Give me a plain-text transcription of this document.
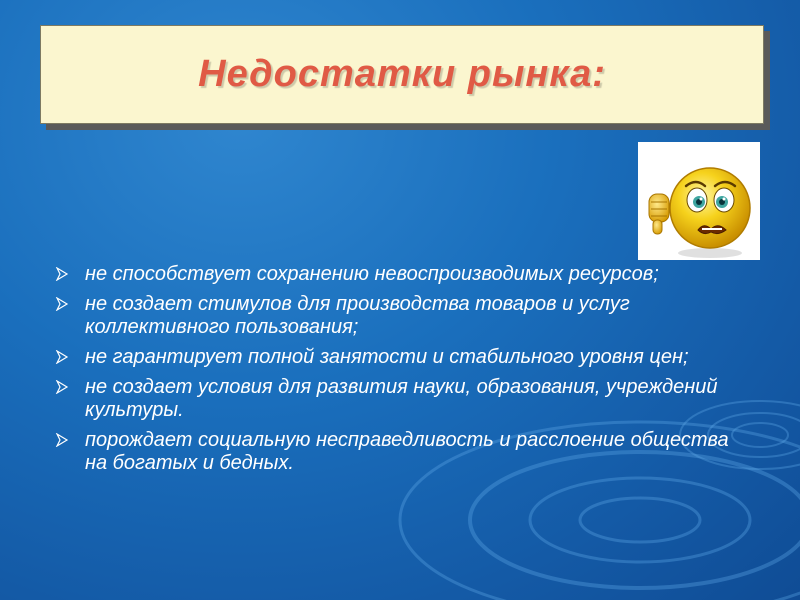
Недостатки рынка:
не способствует сохранению невоспроизводимых ресурсов;
не создает стимулов для производства товаров и услуг коллективного пользования;
не гарантирует полной занятости и стабильного уровня цен;
не создает условия для развития науки, образования, учреждений культуры.
порождает социальную несправедливость и расслоение общества на богатых и бедных.
